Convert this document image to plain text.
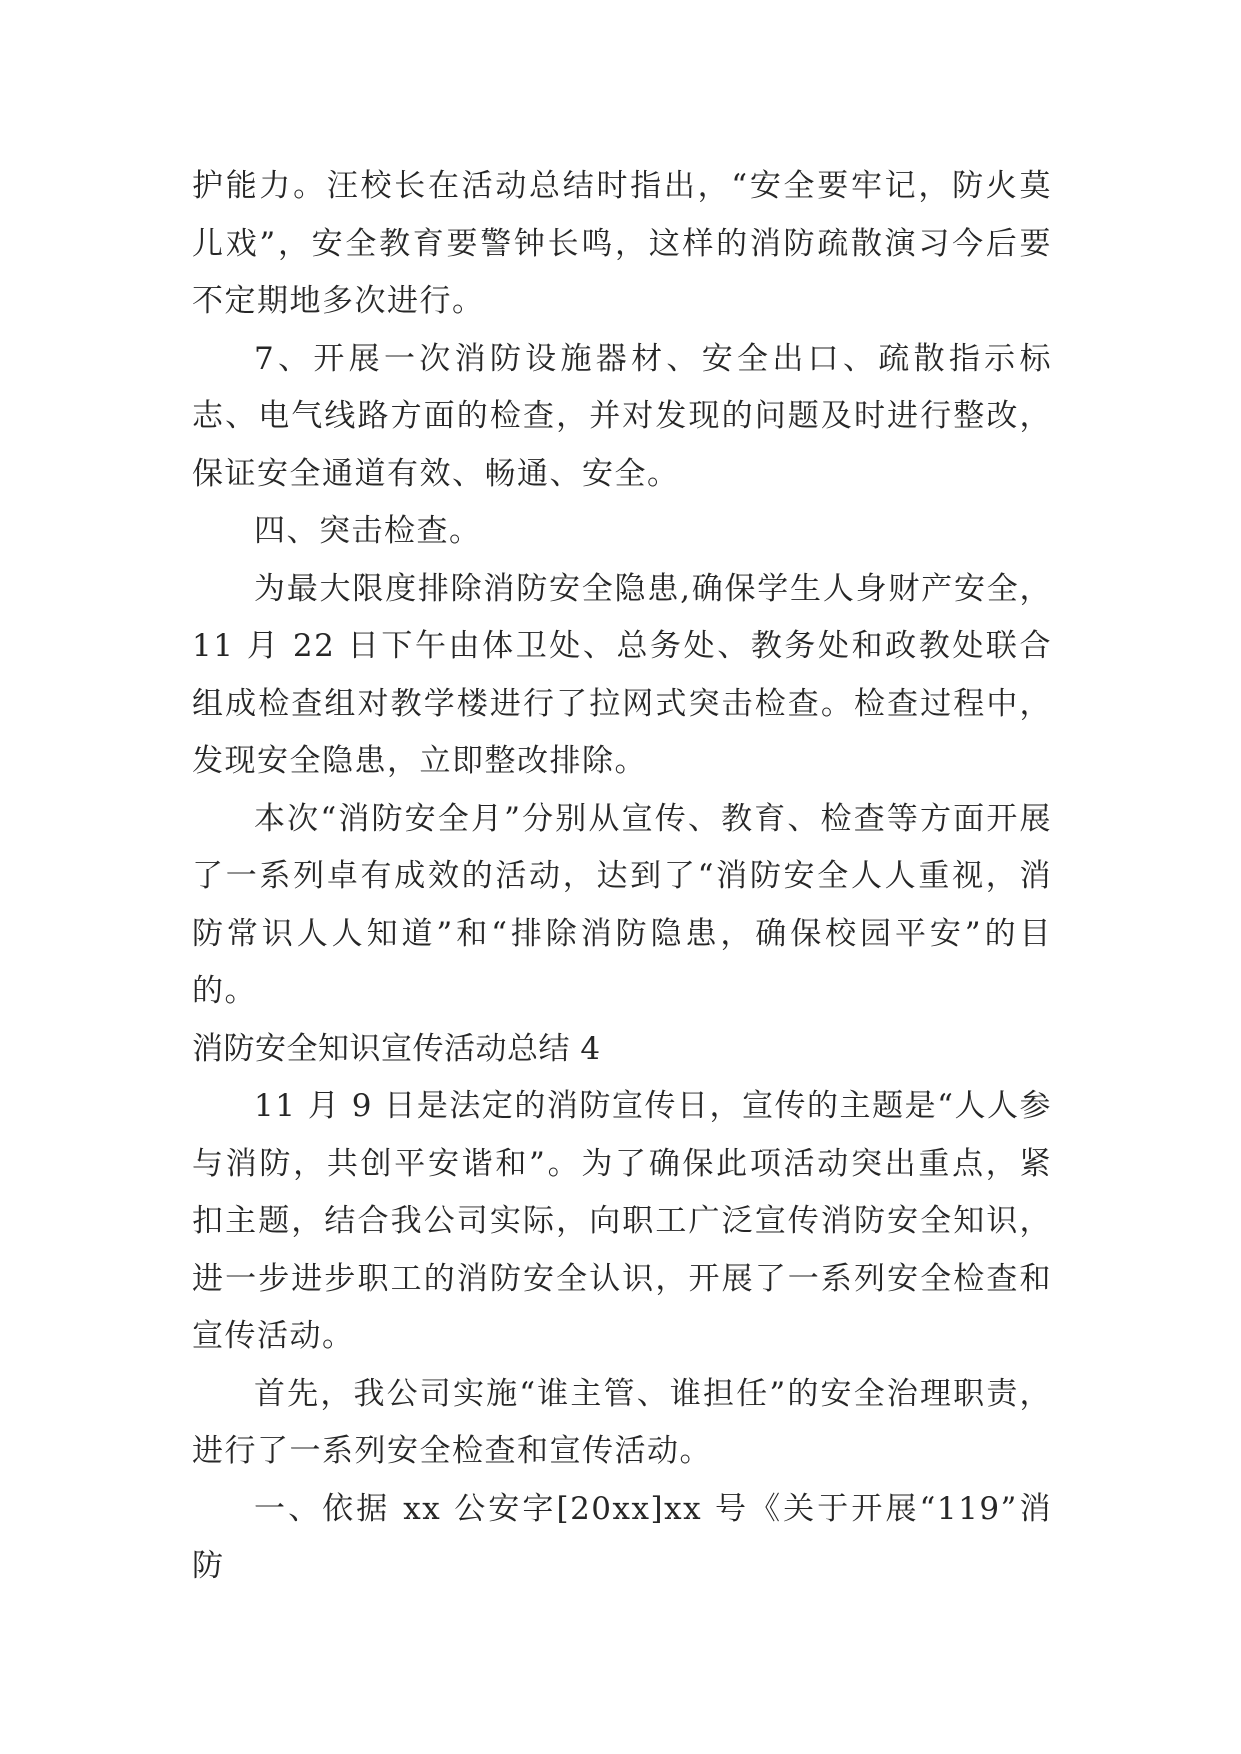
护能力。汪校长在活动总结时指出，“安全要牢记，防火莫儿戏”，安全教育要警钟长鸣，这样的消防疏散演习今后要不定期地多次进行。

7、开展一次消防设施器材、安全出口、疏散指示标志、电气线路方面的检查，并对发现的问题及时进行整改，保证安全通道有效、畅通、安全。

四、突击检查。

为最大限度排除消防安全隐患,确保学生人身财产安全，11 月 22 日下午由体卫处、总务处、教务处和政教处联合组成检查组对教学楼进行了拉网式突击检查。检查过程中，发现安全隐患，立即整改排除。

本次“消防安全月”分别从宣传、教育、检查等方面开展了一系列卓有成效的活动，达到了“消防安全人人重视，消防常识人人知道”和“排除消防隐患，确保校园平安”的目的。

消防安全知识宣传活动总结 4

11 月 9 日是法定的消防宣传日，宣传的主题是“人人参与消防，共创平安谐和”。为了确保此项活动突出重点，紧扣主题，结合我公司实际，向职工广泛宣传消防安全知识，进一步进步职工的消防安全认识，开展了一系列安全检查和宣传活动。

首先，我公司实施“谁主管、谁担任”的安全治理职责，进行了一系列安全检查和宣传活动。

一、依据 xx 公安字[20xx]xx 号《关于开展“119”消防
